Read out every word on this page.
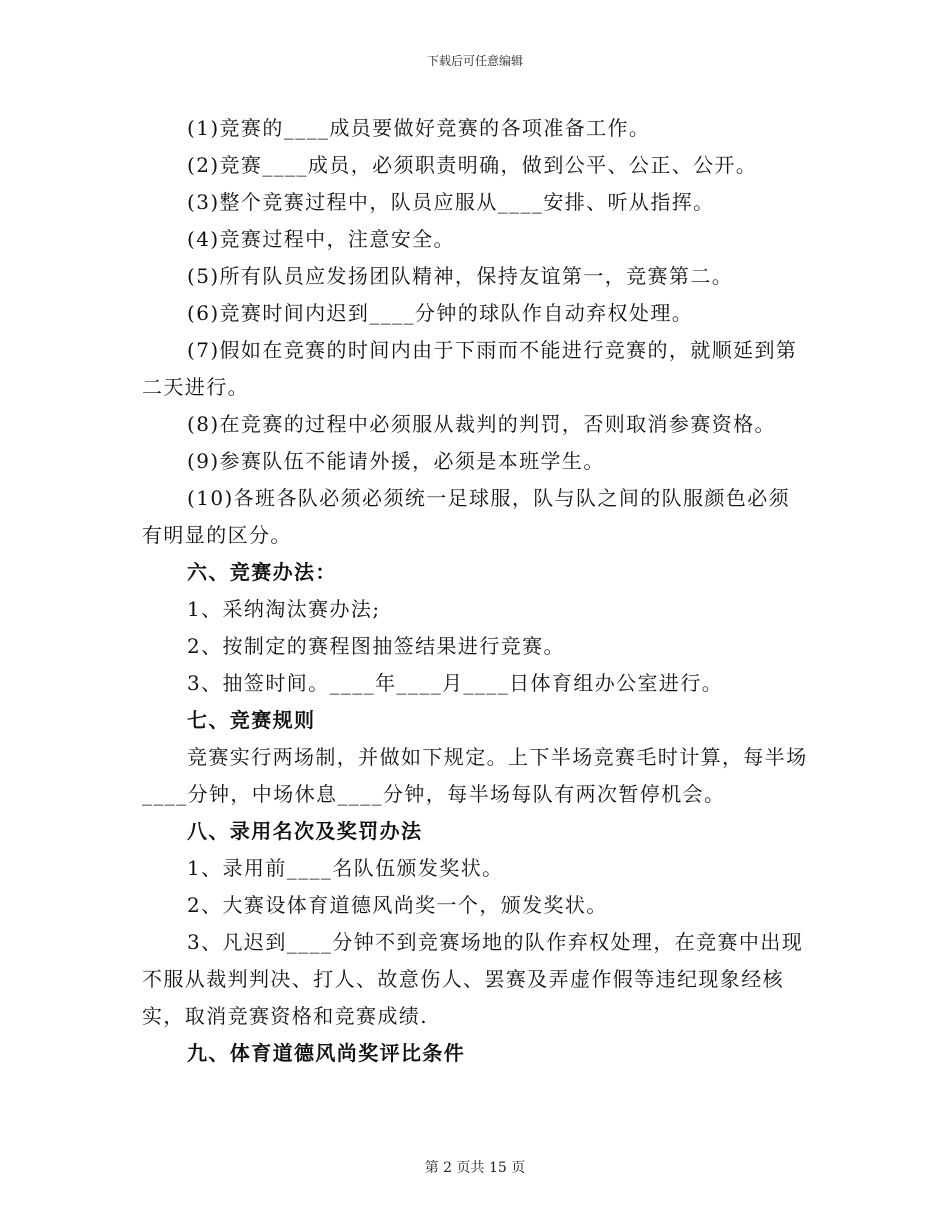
下载后可任意编辑

(1)竞赛的____成员要做好竞赛的各项准备工作。

(2)竞赛____成员，必须职责明确，做到公平、公正、公开。

(3)整个竞赛过程中，队员应服从____安排、听从指挥。

(4)竞赛过程中，注意安全。

(5)所有队员应发扬团队精神，保持友谊第一，竞赛第二。

(6)竞赛时间内迟到____分钟的球队作自动弃权处理。

(7)假如在竞赛的时间内由于下雨而不能进行竞赛的，就顺延到第二天进行。

(8)在竞赛的过程中必须服从裁判的判罚，否则取消参赛资格。

(9)参赛队伍不能请外援，必须是本班学生。

(10)各班各队必须必须统一足球服，队与队之间的队服颜色必须有明显的区分。

六、竞赛办法：

1、采纳淘汰赛办法;

2、按制定的赛程图抽签结果进行竞赛。

3、抽签时间。____年____月____日体育组办公室进行。

七、竞赛规则

竞赛实行两场制，并做如下规定。上下半场竞赛毛时计算，每半场____分钟，中场休息____分钟，每半场每队有两次暂停机会。

八、录用名次及奖罚办法

1、录用前____名队伍颁发奖状。

2、大赛设体育道德风尚奖一个，颁发奖状。

3、凡迟到____分钟不到竞赛场地的队作弃权处理，在竞赛中出现不服从裁判判决、打人、故意伤人、罢赛及弄虚作假等违纪现象经核实，取消竞赛资格和竞赛成绩.

九、体育道德风尚奖评比条件

第 2 页共 15 页
